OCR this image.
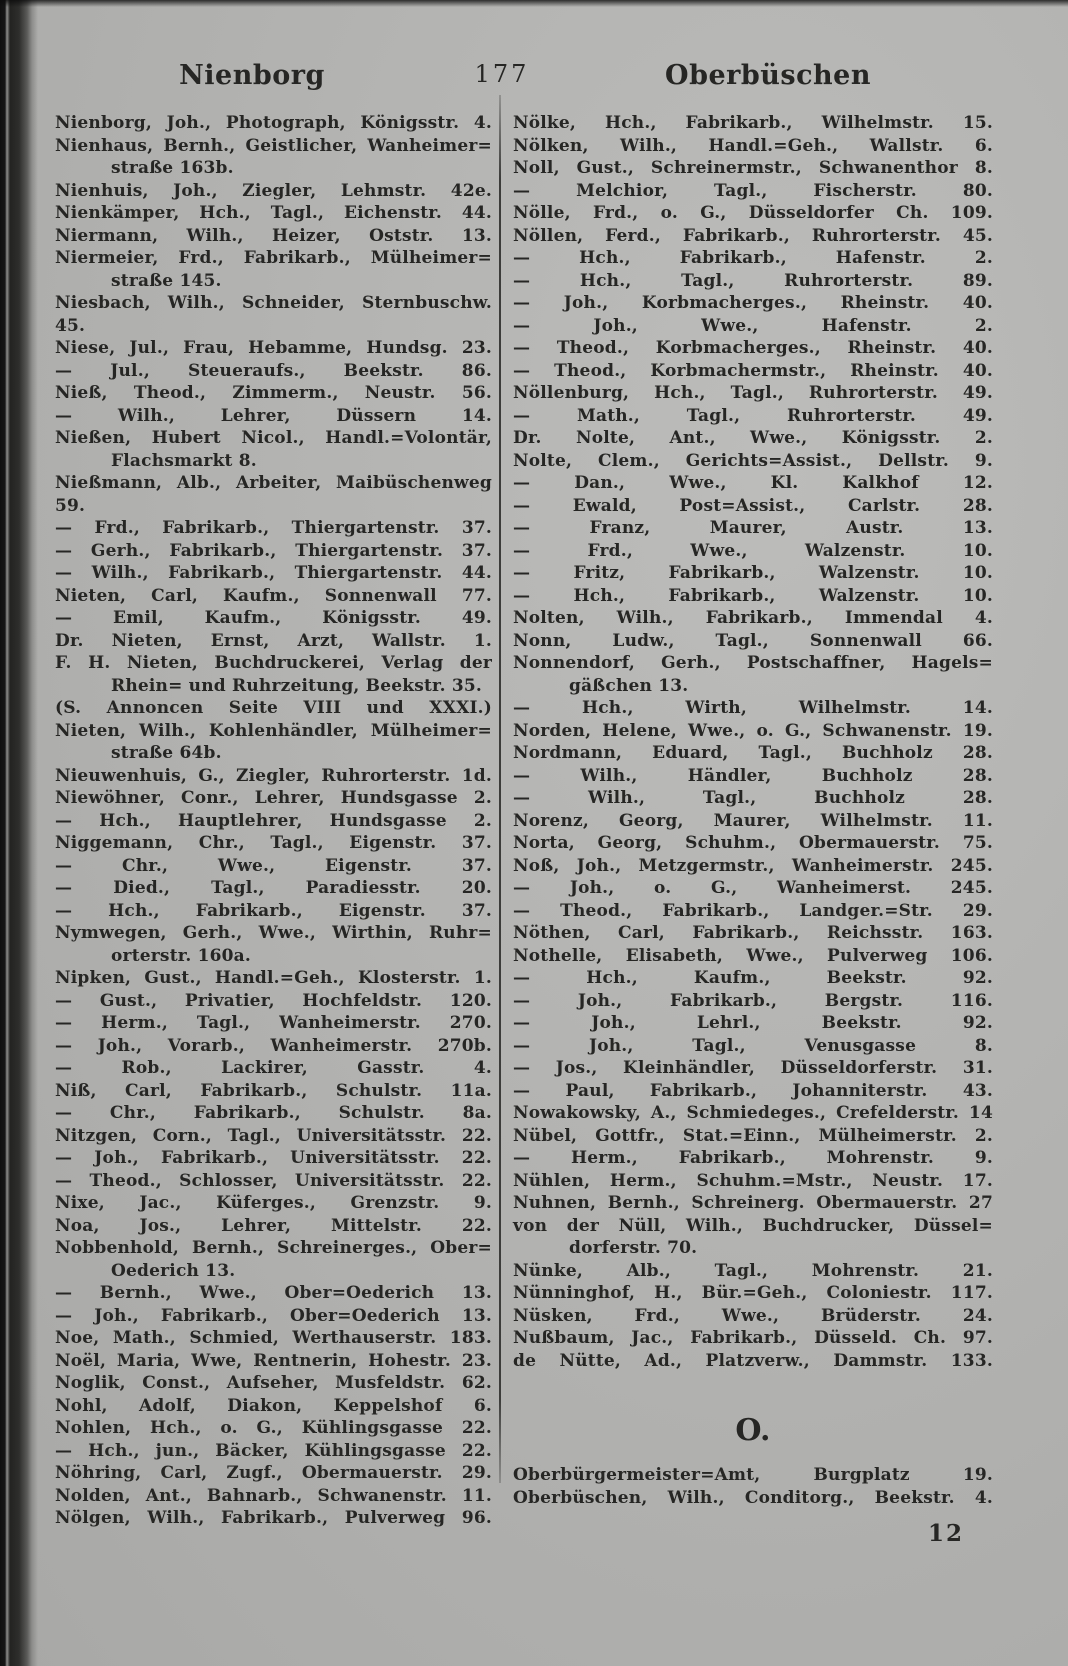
Nienborg	177	Oberbüschen
Nienborg, Joh., Photograph, Königsstr. 4.
Nienhaus, Bernh., Geistlicher, Wanheimer=
straße 163b.
Nienhuis, Joh., Ziegler, Lehmstr. 42e.
Nienkämper, Hch., Tagl., Eichenstr. 44.
Niermann, Wilh., Heizer, Oststr. 13.
Niermeier, Frd., Fabrikarb., Mülheimer=
straße 145.
Niesbach, Wilh., Schneider, Sternbuschw. 45.
Niese, Jul., Frau, Hebamme, Hundsg. 23.
— Jul., Steueraufs., Beekstr. 86.
Nieß, Theod., Zimmerm., Neustr. 56.
— Wilh., Lehrer, Düssern 14.
Nießen, Hubert Nicol., Handl.=Volontär,
Flachsmarkt 8.
Nießmann, Alb., Arbeiter, Maibüschenweg 59.
— Frd., Fabrikarb., Thiergartenstr. 37.
— Gerh., Fabrikarb., Thiergartenstr. 37.
— Wilh., Fabrikarb., Thiergartenstr. 44.
Nieten, Carl, Kaufm., Sonnenwall 77.
— Emil, Kaufm., Königsstr. 49.
Dr. Nieten, Ernst, Arzt, Wallstr. 1.
F. H. Nieten, Buchdruckerei, Verlag der
Rhein= und Ruhrzeitung, Beekstr. 35.
(S. Annoncen Seite VIII und XXXI.)
Nieten, Wilh., Kohlenhändler, Mülheimer=
straße 64b.
Nieuwenhuis, G., Ziegler, Ruhrorterstr. 1d.
Niewöhner, Conr., Lehrer, Hundsgasse 2.
— Hch., Hauptlehrer, Hundsgasse 2.
Niggemann, Chr., Tagl., Eigenstr. 37.
— Chr., Wwe., Eigenstr. 37.
— Died., Tagl., Paradiesstr. 20.
— Hch., Fabrikarb., Eigenstr. 37.
Nymwegen, Gerh., Wwe., Wirthin, Ruhr=
orterstr. 160a.
Nipken, Gust., Handl.=Geh., Klosterstr. 1.
— Gust., Privatier, Hochfeldstr. 120.
— Herm., Tagl., Wanheimerstr. 270.
— Joh., Vorarb., Wanheimerstr. 270b.
— Rob., Lackirer, Gasstr. 4.
Niß, Carl, Fabrikarb., Schulstr. 11a.
— Chr., Fabrikarb., Schulstr. 8a.
Nitzgen, Corn., Tagl., Universitätsstr. 22.
— Joh., Fabrikarb., Universitätsstr. 22.
— Theod., Schlosser, Universitätsstr. 22.
Nixe, Jac., Küferges., Grenzstr. 9.
Noa, Jos., Lehrer, Mittelstr. 22.
Nobbenhold, Bernh., Schreinerges., Ober=
Oederich 13.
— Bernh., Wwe., Ober=Oederich 13.
— Joh., Fabrikarb., Ober=Oederich 13.
Noe, Math., Schmied, Werthauserstr. 183.
Noël, Maria, Wwe, Rentnerin, Hohestr. 23.
Noglik, Const., Aufseher, Musfeldstr. 62.
Nohl, Adolf, Diakon, Keppelshof 6.
Nohlen, Hch., o. G., Kühlingsgasse 22.
— Hch., jun., Bäcker, Kühlingsgasse 22.
Nöhring, Carl, Zugf., Obermauerstr. 29.
Nolden, Ant., Bahnarb., Schwanenstr. 11.
Nölgen, Wilh., Fabrikarb., Pulverweg 96.
Nölke, Hch., Fabrikarb., Wilhelmstr. 15.
Nölken, Wilh., Handl.=Geh., Wallstr. 6.
Noll, Gust., Schreinermstr., Schwanenthor 8.
— Melchior, Tagl., Fischerstr. 80.
Nölle, Frd., o. G., Düsseldorfer Ch. 109.
Nöllen, Ferd., Fabrikarb., Ruhrorterstr. 45.
— Hch., Fabrikarb., Hafenstr. 2.
— Hch., Tagl., Ruhrorterstr. 89.
— Joh., Korbmacherges., Rheinstr. 40.
— Joh., Wwe., Hafenstr. 2.
— Theod., Korbmacherges., Rheinstr. 40.
— Theod., Korbmachermstr., Rheinstr. 40.
Nöllenburg, Hch., Tagl., Ruhrorterstr. 49.
— Math., Tagl., Ruhrorterstr. 49.
Dr. Nolte, Ant., Wwe., Königsstr. 2.
Nolte, Clem., Gerichts=Assist., Dellstr. 9.
— Dan., Wwe., Kl. Kalkhof 12.
— Ewald, Post=Assist., Carlstr. 28.
— Franz, Maurer, Austr. 13.
— Frd., Wwe., Walzenstr. 10.
— Fritz, Fabrikarb., Walzenstr. 10.
— Hch., Fabrikarb., Walzenstr. 10.
Nolten, Wilh., Fabrikarb., Immendal 4.
Nonn, Ludw., Tagl., Sonnenwall 66.
Nonnendorf, Gerh., Postschaffner, Hagels=
gäßchen 13.
— Hch., Wirth, Wilhelmstr. 14.
Norden, Helene, Wwe., o. G., Schwanenstr. 19.
Nordmann, Eduard, Tagl., Buchholz 28.
— Wilh., Händler, Buchholz 28.
— Wilh., Tagl., Buchholz 28.
Norenz, Georg, Maurer, Wilhelmstr. 11.
Norta, Georg, Schuhm., Obermauerstr. 75.
Noß, Joh., Metzgermstr., Wanheimerstr. 245.
— Joh., o. G., Wanheimerst. 245.
— Theod., Fabrikarb., Landger.=Str. 29.
Nöthen, Carl, Fabrikarb., Reichsstr. 163.
Nothelle, Elisabeth, Wwe., Pulverweg 106.
— Hch., Kaufm., Beekstr. 92.
— Joh., Fabrikarb., Bergstr. 116.
— Joh., Lehrl., Beekstr. 92.
— Joh., Tagl., Venusgasse 8.
— Jos., Kleinhändler, Düsseldorferstr. 31.
— Paul, Fabrikarb., Johanniterstr. 43.
Nowakowsky, A., Schmiedeges., Crefelderstr. 14
Nübel, Gottfr., Stat.=Einn., Mülheimerstr. 2.
— Herm., Fabrikarb., Mohrenstr. 9.
Nühlen, Herm., Schuhm.=Mstr., Neustr. 17.
Nuhnen, Bernh., Schreinerg. Obermauerstr. 27
von der Nüll, Wilh., Buchdrucker, Düssel=
dorferstr. 70.
Nünke, Alb., Tagl., Mohrenstr. 21.
Nünninghof, H., Bür.=Geh., Coloniestr. 117.
Nüsken, Frd., Wwe., Brüderstr. 24.
Nußbaum, Jac., Fabrikarb., Düsseld. Ch. 97.
de Nütte, Ad., Platzverw., Dammstr. 133.
O.
Oberbürgermeister=Amt, Burgplatz 19.
Oberbüschen, Wilh., Conditorg., Beekstr. 4.
12
